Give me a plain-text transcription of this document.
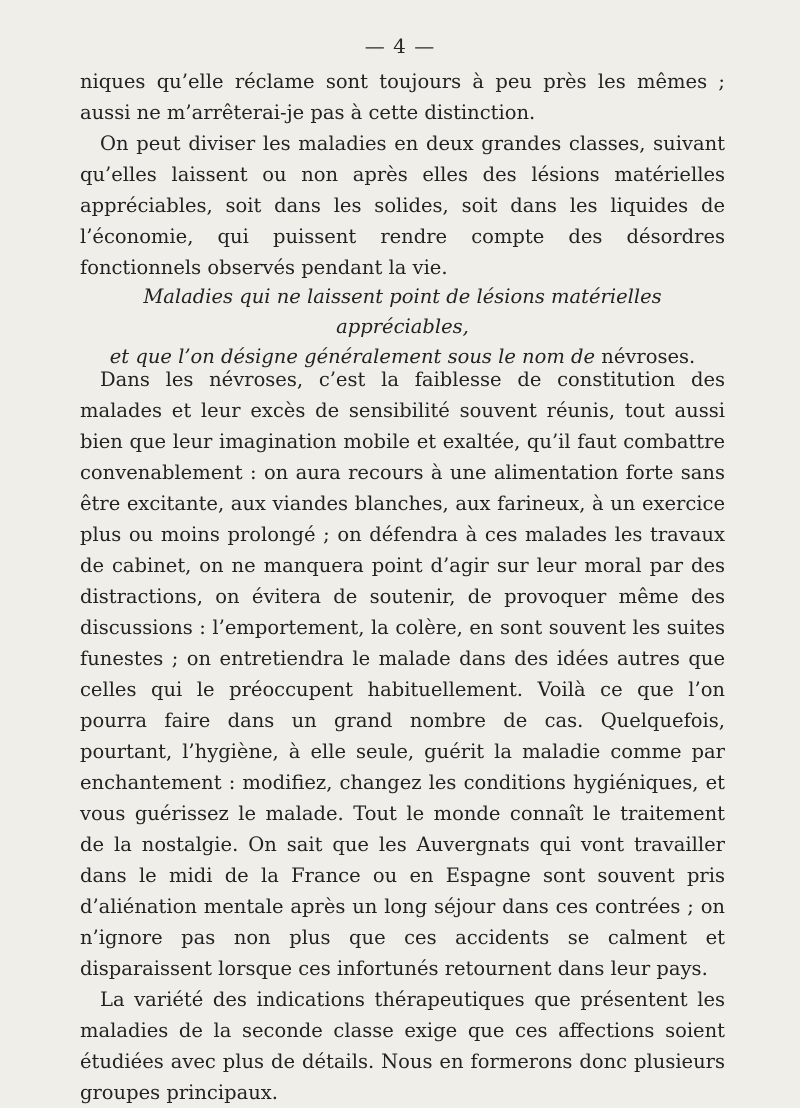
— 4 —

niques qu’elle réclame sont toujours à peu près les mêmes ; aussi ne m’arrêterai-je pas à cette distinction.

On peut diviser les maladies en deux grandes classes, suivant qu’elles laissent ou non après elles des lésions matérielles appréciables, soit dans les solides, soit dans les liquides de l’économie, qui puissent rendre compte des désordres fonctionnels observés pendant la vie.

Maladies qui ne laissent point de lésions matérielles appréciables,
et que l’on désigne généralement sous le nom de névroses.

Dans les névroses, c’est la faiblesse de constitution des malades et leur excès de sensibilité souvent réunis, tout aussi bien que leur imagination mobile et exaltée, qu’il faut combattre convenablement : on aura recours à une alimentation forte sans être excitante, aux viandes blanches, aux farineux, à un exercice plus ou moins prolongé ; on défendra à ces malades les travaux de cabinet, on ne manquera point d’agir sur leur moral par des distractions, on évitera de soutenir, de provoquer même des discussions : l’emportement, la colère, en sont souvent les suites funestes ; on entretiendra le malade dans des idées autres que celles qui le préoccupent habituellement. Voilà ce que l’on pourra faire dans un grand nombre de cas. Quelquefois, pourtant, l’hygiène, à elle seule, guérit la maladie comme par enchantement : modifiez, changez les conditions hygiéniques, et vous guérissez le malade. Tout le monde connaît le traitement de la nostalgie. On sait que les Auvergnats qui vont travailler dans le midi de la France ou en Espagne sont souvent pris d’aliénation mentale après un long séjour dans ces contrées ; on n’ignore pas non plus que ces accidents se calment et disparaissent lorsque ces infortunés retournent dans leur pays.

La variété des indications thérapeutiques que présentent les maladies de la seconde classe exige que ces affections soient étudiées avec plus de détails. Nous en formerons donc plusieurs groupes principaux.
